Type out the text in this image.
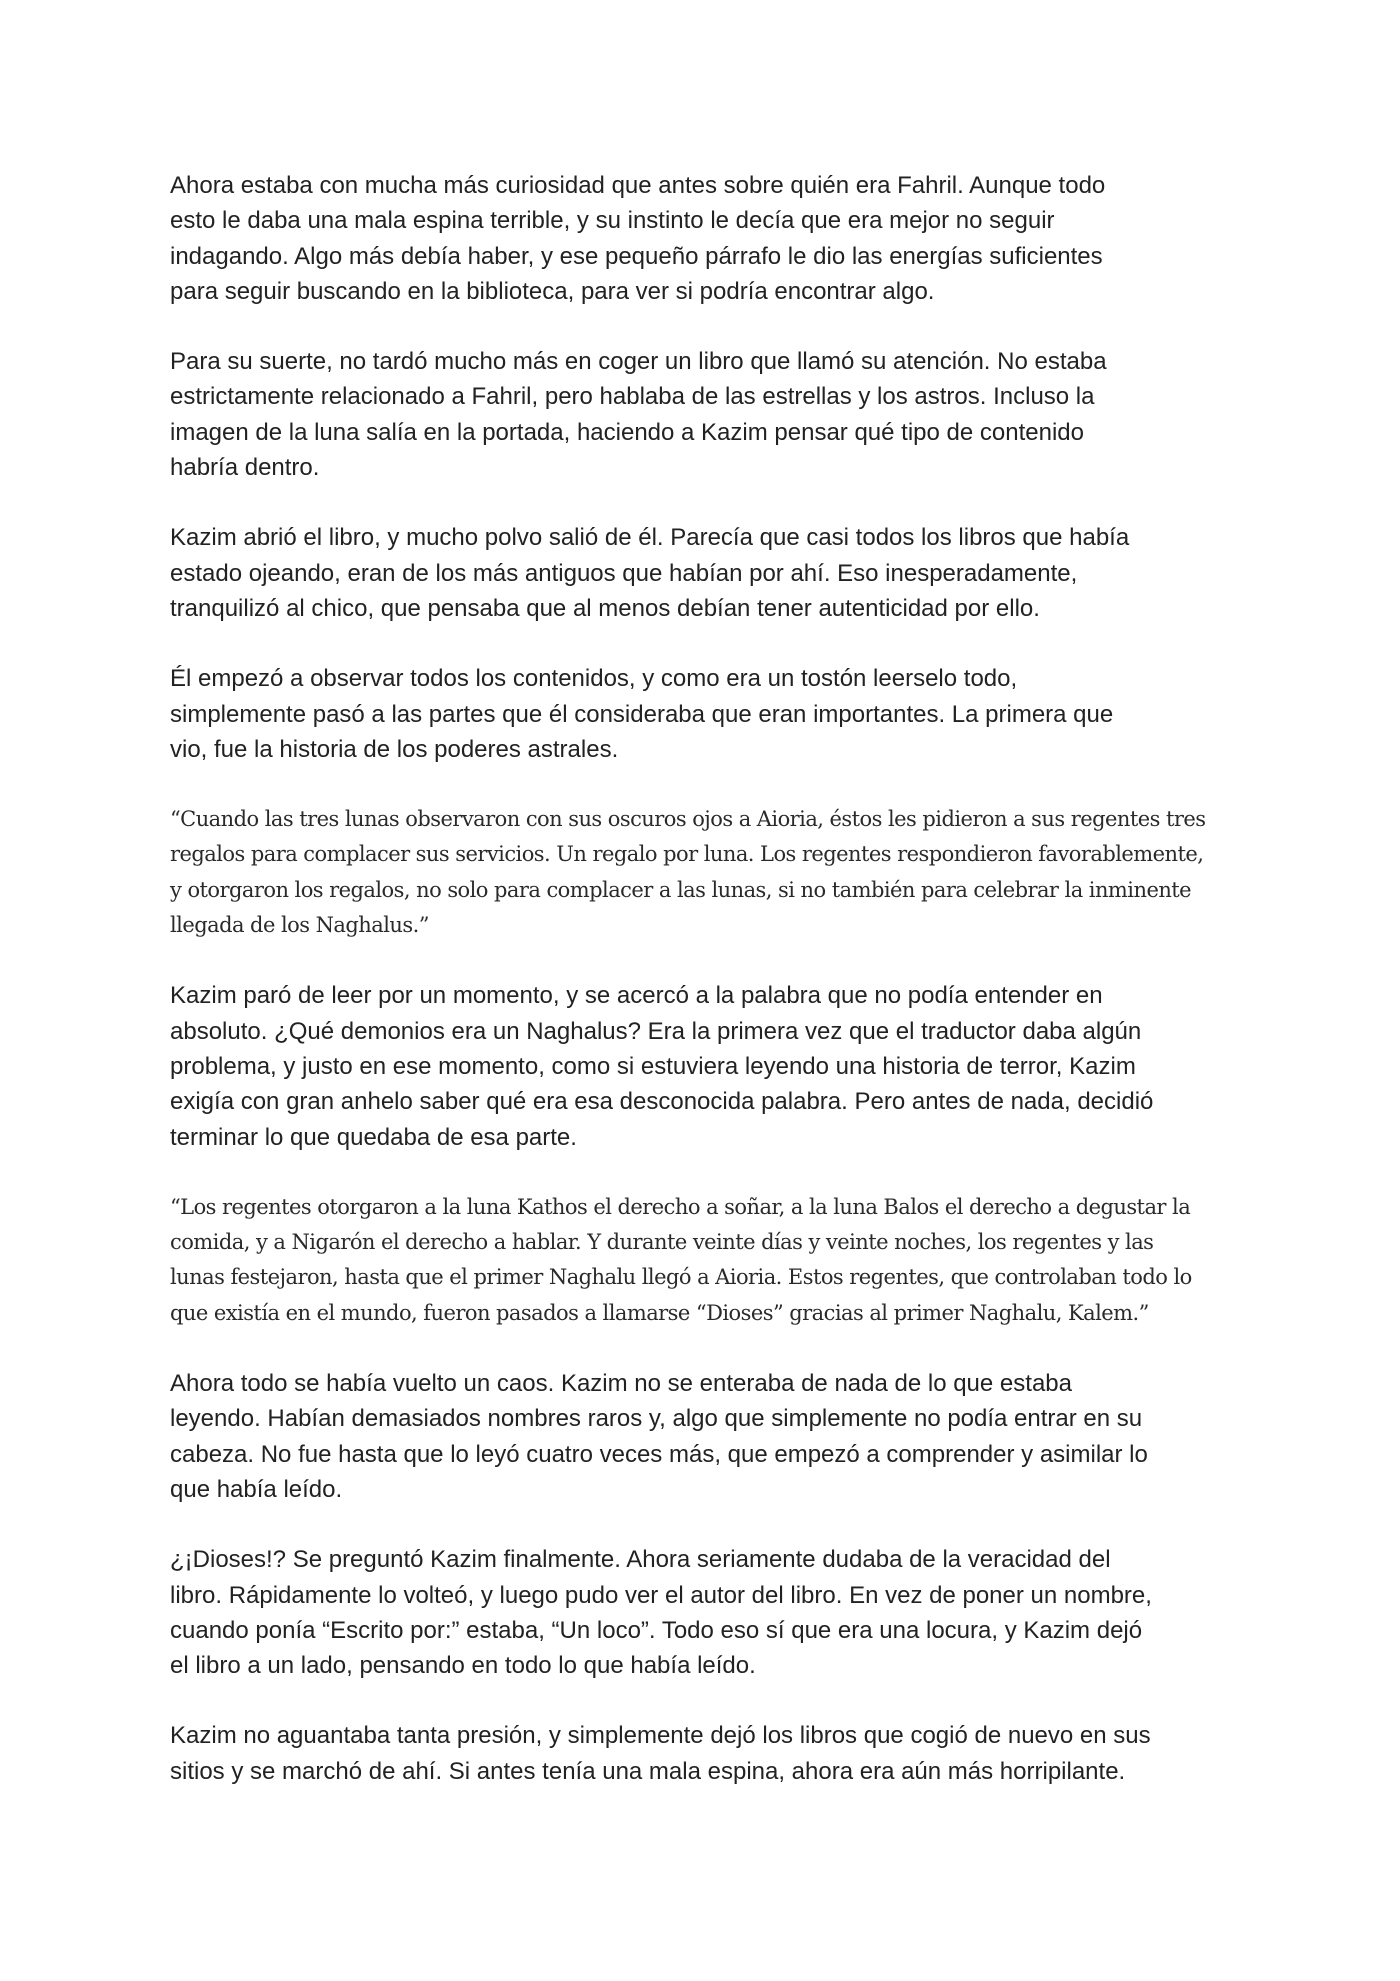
Ahora estaba con mucha más curiosidad que antes sobre quién era Fahril. Aunque todo
esto le daba una mala espina terrible, y su instinto le decía que era mejor no seguir
indagando. Algo más debía haber, y ese pequeño párrafo le dio las energías suficientes
para seguir buscando en la biblioteca, para ver si podría encontrar algo.

Para su suerte, no tardó mucho más en coger un libro que llamó su atención. No estaba
estrictamente relacionado a Fahril, pero hablaba de las estrellas y los astros. Incluso la
imagen de la luna salía en la portada, haciendo a Kazim pensar qué tipo de contenido
habría dentro.

Kazim abrió el libro, y mucho polvo salió de él. Parecía que casi todos los libros que había
estado ojeando, eran de los más antiguos que habían por ahí. Eso inesperadamente,
tranquilizó al chico, que pensaba que al menos debían tener autenticidad por ello.

Él empezó a observar todos los contenidos, y como era un tostón leerselo todo,
simplemente pasó a las partes que él consideraba que eran importantes. La primera que
vio, fue la historia de los poderes astrales.

“Cuando las tres lunas observaron con sus oscuros ojos a Aioria, éstos les pidieron a sus regentes tres
regalos para complacer sus servicios. Un regalo por luna. Los regentes respondieron favorablemente,
y otorgaron los regalos, no solo para complacer a las lunas, si no también para celebrar la inminente
llegada de los Naghalus.”

Kazim paró de leer por un momento, y se acercó a la palabra que no podía entender en
absoluto. ¿Qué demonios era un Naghalus? Era la primera vez que el traductor daba algún
problema, y justo en ese momento, como si estuviera leyendo una historia de terror, Kazim
exigía con gran anhelo saber qué era esa desconocida palabra. Pero antes de nada, decidió
terminar lo que quedaba de esa parte.

“Los regentes otorgaron a la luna Kathos el derecho a soñar, a la luna Balos el derecho a degustar la
comida, y a Nigarón el derecho a hablar. Y durante veinte días y veinte noches, los regentes y las
lunas festejaron, hasta que el primer Naghalu llegó a Aioria. Estos regentes, que controlaban todo lo
que existía en el mundo, fueron pasados a llamarse “Dioses” gracias al primer Naghalu, Kalem.”

Ahora todo se había vuelto un caos. Kazim no se enteraba de nada de lo que estaba
leyendo. Habían demasiados nombres raros y, algo que simplemente no podía entrar en su
cabeza. No fue hasta que lo leyó cuatro veces más, que empezó a comprender y asimilar lo
que había leído.

¿¡Dioses!? Se preguntó Kazim finalmente. Ahora seriamente dudaba de la veracidad del
libro. Rápidamente lo volteó, y luego pudo ver el autor del libro. En vez de poner un nombre,
cuando ponía “Escrito por:” estaba, “Un loco”. Todo eso sí que era una locura, y Kazim dejó
el libro a un lado, pensando en todo lo que había leído.

Kazim no aguantaba tanta presión, y simplemente dejó los libros que cogió de nuevo en sus
sitios y se marchó de ahí. Si antes tenía una mala espina, ahora era aún más horripilante.
